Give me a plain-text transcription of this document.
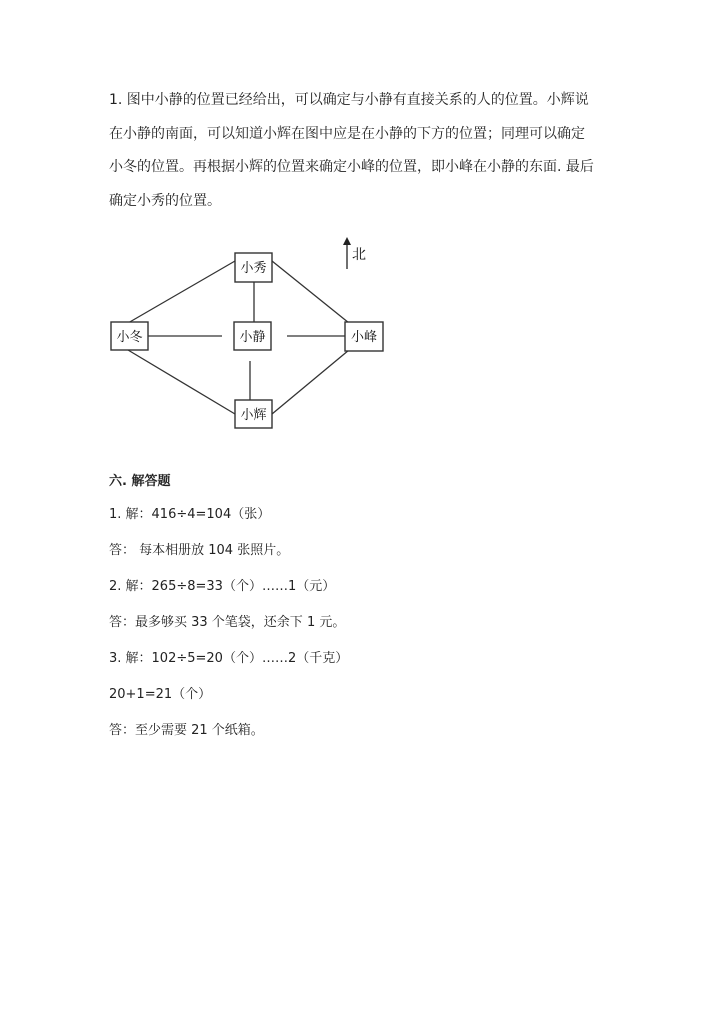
1. 图中小静的位置已经给出，可以确定与小静有直接关系的人的位置。小辉说
在小静的南面，可以知道小辉在图中应是在小静的下方的位置；同理可以确定
小冬的位置。再根据小辉的位置来确定小峰的位置，即小峰在小静的东面. 最后
确定小秀的位置。
北
小秀
小冬	小静	小峰
小辉
六. 解答题
1. 解：416÷4=104（张）
答： 每本相册放 104 张照片。
2. 解：265÷8=33（个）……1（元）
答：最多够买 33 个笔袋，还余下 1 元。
3. 解：102÷5=20（个）……2（千克）
20+1=21（个）
答：至少需要 21 个纸箱。
